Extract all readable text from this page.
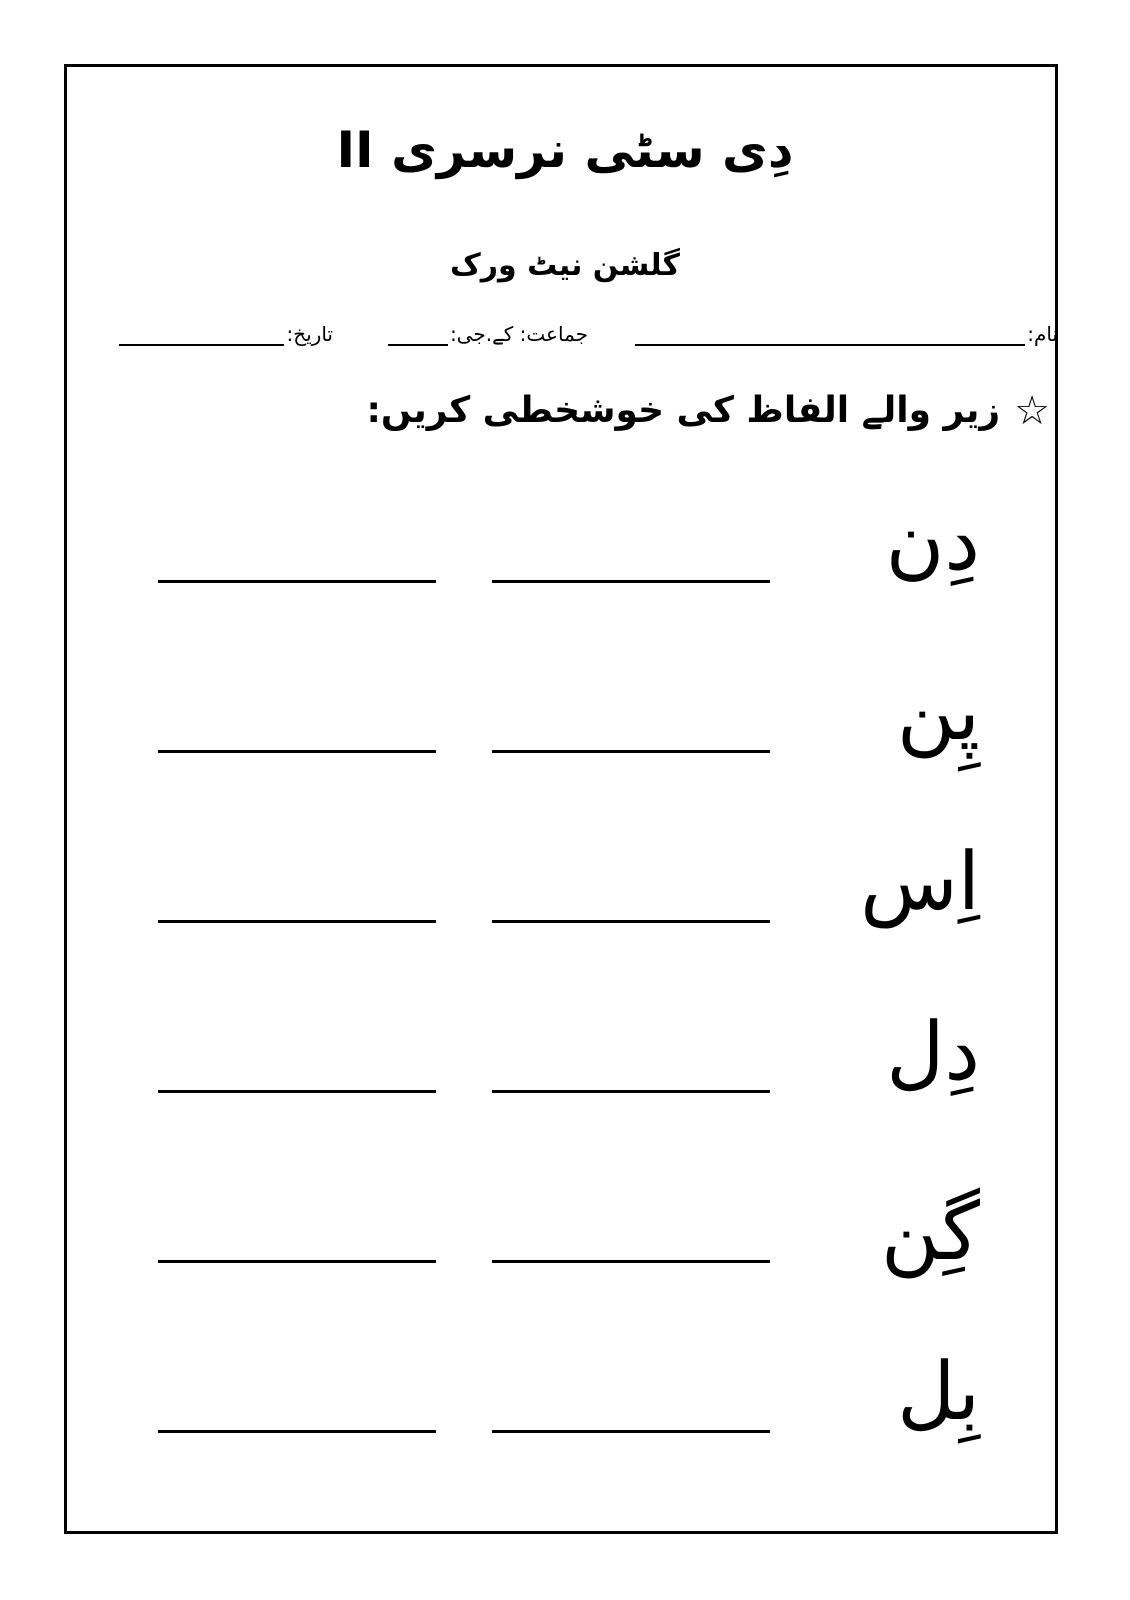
دِی سٹی نرسری II
گلشن نیٹ ورک
نام:
جماعت: کے.جی:
تاریخ:
☆
زیر والے الفاظ کی خوشخطی کریں:
دِن
پِن
اِس
دِل
گِن
بِل
